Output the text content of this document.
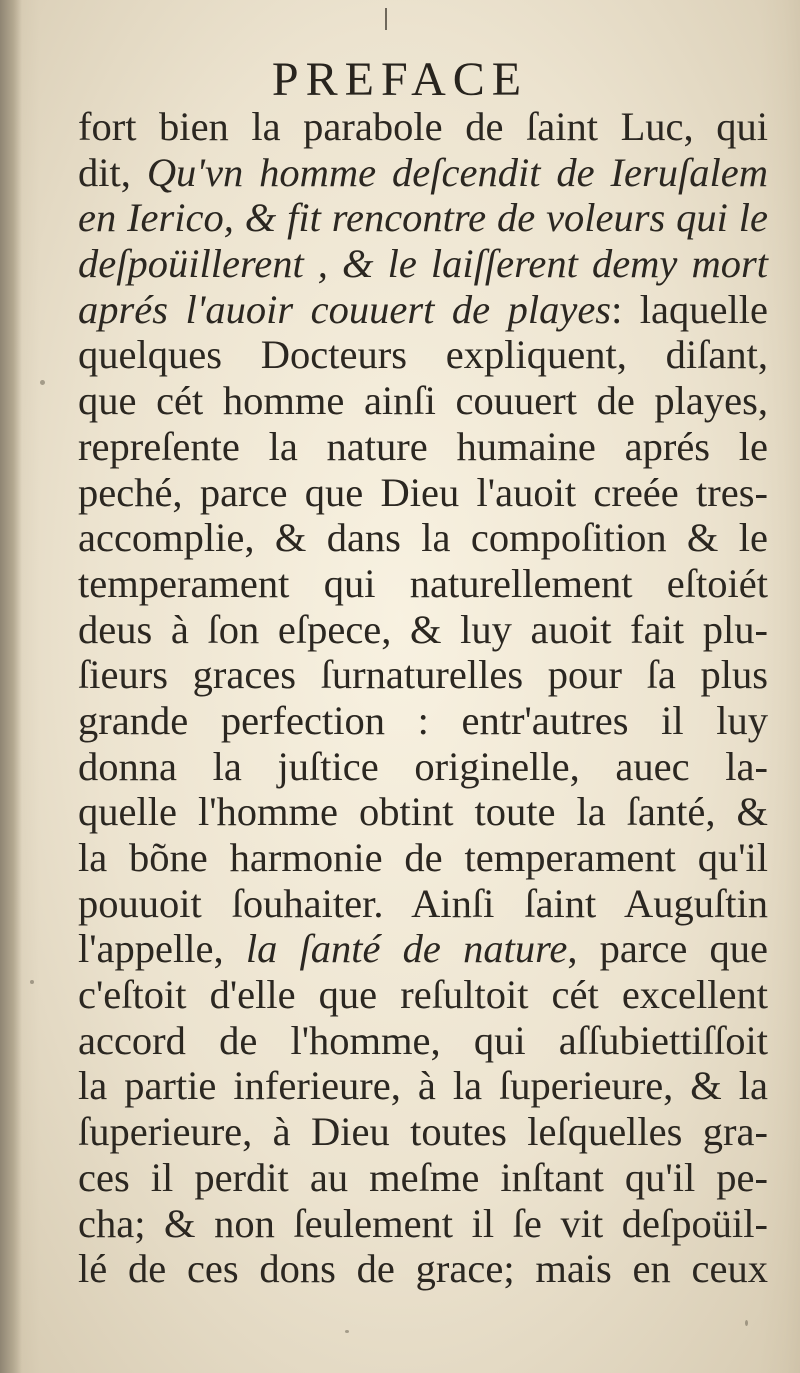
PREFACE
fort bien la parabole de ſaint Luc, qui
dit, Qu'vn homme deſcendit de Ieruſalem
en Ierico, & fit rencontre de voleurs qui le
deſpoüillerent , & le laiſſerent demy mort
aprés l'auoir couuert de playes: laquelle
quelques Docteurs expliquent, diſant,
que cét homme ainſi couuert de playes,
repreſente la nature humaine aprés le
peché, parce que Dieu l'auoit creée tres-
accomplie, & dans la compoſition & le
temperament qui naturellement eſtoiét
deus à ſon eſpece, & luy auoit fait plu-
ſieurs graces ſurnaturelles pour ſa plus
grande perfection : entr'autres il luy
donna la juſtice originelle, auec la-
quelle l'homme obtint toute la ſanté, &
la bõne harmonie de temperament qu'il
pouuoit ſouhaiter. Ainſi ſaint Auguſtin
l'appelle, la ſanté de nature, parce que
c'eſtoit d'elle que reſultoit cét excellent
accord de l'homme, qui aſſubiettiſſoit
la partie inferieure, à la ſuperieure, & la
ſuperieure, à Dieu toutes leſquelles gra-
ces il perdit au meſme inſtant qu'il pe-
cha; & non ſeulement il ſe vit deſpoüil-
lé de ces dons de grace; mais en ceux
